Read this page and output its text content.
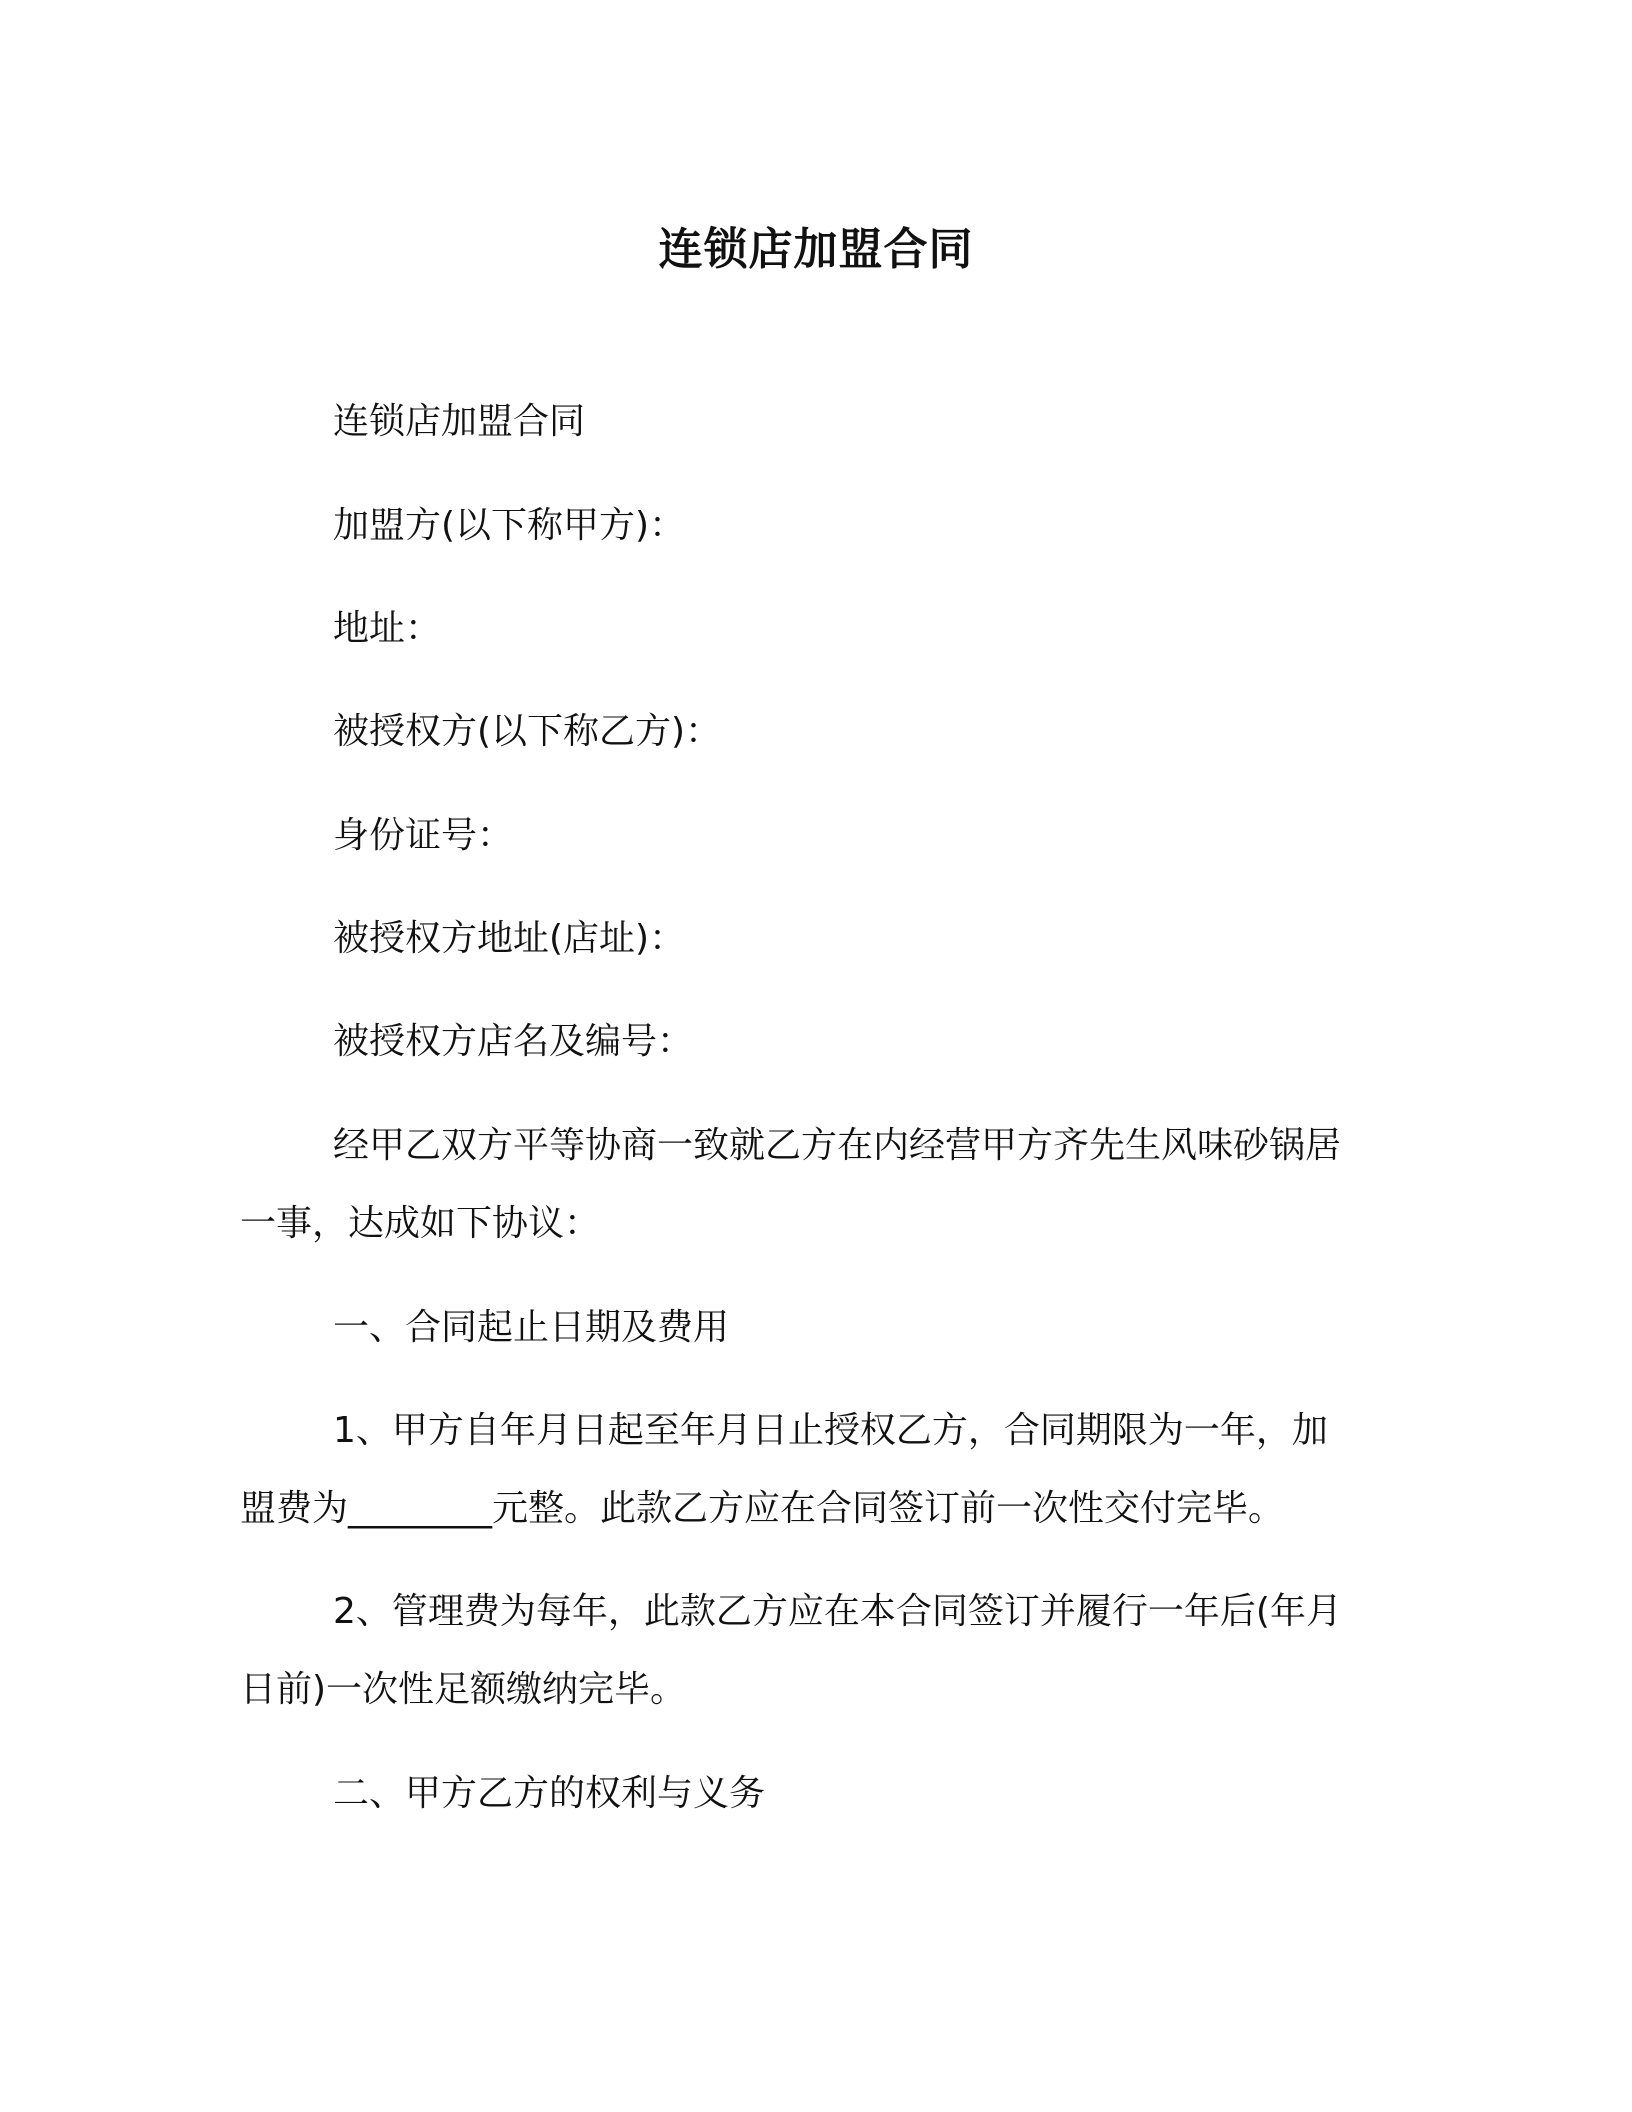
连锁店加盟合同
连锁店加盟合同
加盟方(以下称甲方)：
地址：
被授权方(以下称乙方)：
身份证号：
被授权方地址(店址)：
被授权方店名及编号：
经甲乙双方平等协商一致就乙方在内经营甲方齐先生风味砂锅居
一事，达成如下协议：
一、合同起止日期及费用
1、甲方自年月日起至年月日止授权乙方，合同期限为一年，加
盟费为________元整。此款乙方应在合同签订前一次性交付完毕。
2、管理费为每年，此款乙方应在本合同签订并履行一年后(年月
日前)一次性足额缴纳完毕。
二、甲方乙方的权利与义务
